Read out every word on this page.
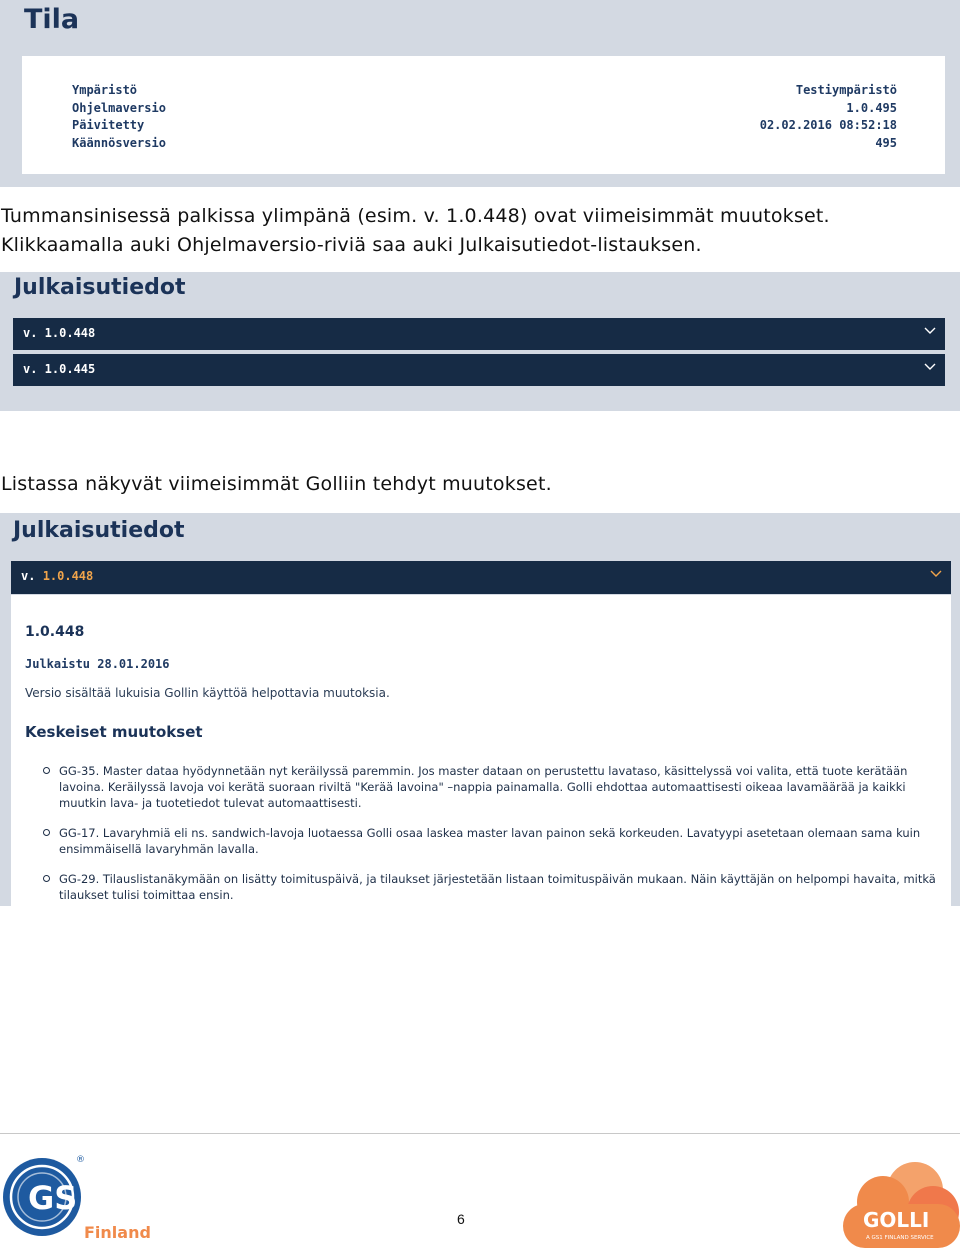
Tila
Ympäristö
Ohjelmaversio
Päivitetty
Käännösversio
Testiympäristö
1.0.495
02.02.2016 08:52:18
495
Tummansinisessä palkissa ylimpänä (esim. v. 1.0.448) ovat viimeisimmät muutokset.
Klikkaamalla auki Ohjelmaversio-riviä saa auki Julkaisutiedot-listauksen.
Julkaisutiedot
v. 1.0.448
v. 1.0.445
Listassa näkyvät viimeisimmät Golliin tehdyt muutokset.
Julkaisutiedot
v. 1.0.448
1.0.448
Julkaistu 28.01.2016
Versio sisältää lukuisia Gollin käyttöä helpottavia muutoksia.
Keskeiset muutokset
GG-35. Master dataa hyödynnetään nyt keräilyssä paremmin. Jos master dataan on perustettu lavataso, käsittelyssä voi valita, että tuote kerätään lavoina. Keräilyssä lavoja voi kerätä suoraan riviltä "Kerää lavoina" –nappia painamalla. Golli ehdottaa automaattisesti oikeaa lavamäärää ja kaikki muutkin lava- ja tuotetiedot tulevat automaattisesti.
GG-17. Lavaryhmiä eli ns. sandwich-lavoja luotaessa Golli osaa laskea master lavan painon sekä korkeuden. Lavatyypi asetetaan olemaan sama kuin ensimmäisellä lavaryhmän lavalla.
GG-29. Tilauslistanäkymään on lisätty toimituspäivä, ja tilaukset järjestetään listaan toimituspäivän mukaan. Näin käyttäjän on helpompi havaita, mitkä tilaukset tulisi toimittaa ensin.
GS1
®
Finland
6	GOLLI
A GS1 FINLAND SERVICE
